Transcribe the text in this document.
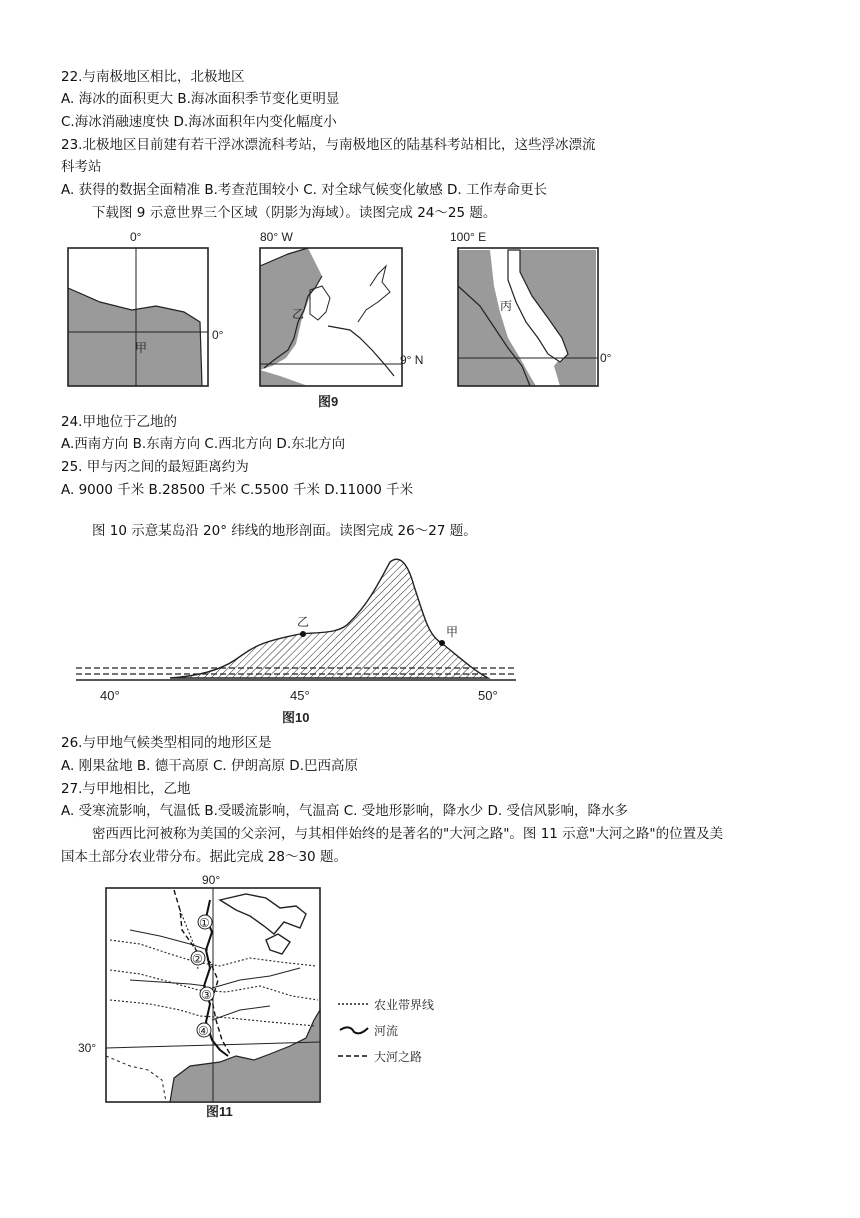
22.与南极地区相比，北极地区
A. 海冰的面积更大 B.海冰面积季节变化更明显
C.海冰消融速度快 D.海冰面积年内变化幅度小
23.北极地区目前建有若干浮冰漂流科考站，与南极地区的陆基科考站相比，这些浮冰漂流
科考站
A. 获得的数据全面精准 B.考查范围较小 C. 对全球气候变化敏感 D. 工作寿命更长
下载图 9 示意世界三个区域（阴影为海域）。读图完成 24～25 题。
0°
甲
0°
80° W
乙
9° N
100° E
丙
0°
图9
24.甲地位于乙地的
A.西南方向 B.东南方向 C.西北方向 D.东北方向
25. 甲与丙之间的最短距离约为
A. 9000 千米 B.28500 千米 C.5500 千米 D.11000 千米
图 10 示意某岛沿 20° 纬线的地形剖面。读图完成 26～27 题。
乙
甲
40°	45°	50°
图10
26.与甲地气候类型相同的地形区是
A. 刚果盆地 B. 德干高原 C. 伊朗高原 D.巴西高原
27.与甲地相比，乙地
A. 受寒流影响，气温低 B.受暖流影响，气温高 C. 受地形影响，降水少 D. 受信风影响，降水多
密西西比河被称为美国的父亲河，与其相伴始终的是著名的"大河之路"。图 11 示意"大河之路"的位置及美
国本土部分农业带分布。据此完成 28～30 题。
90°
①
②
③
④
30°
农业带界线
河流
大河之路
图11
